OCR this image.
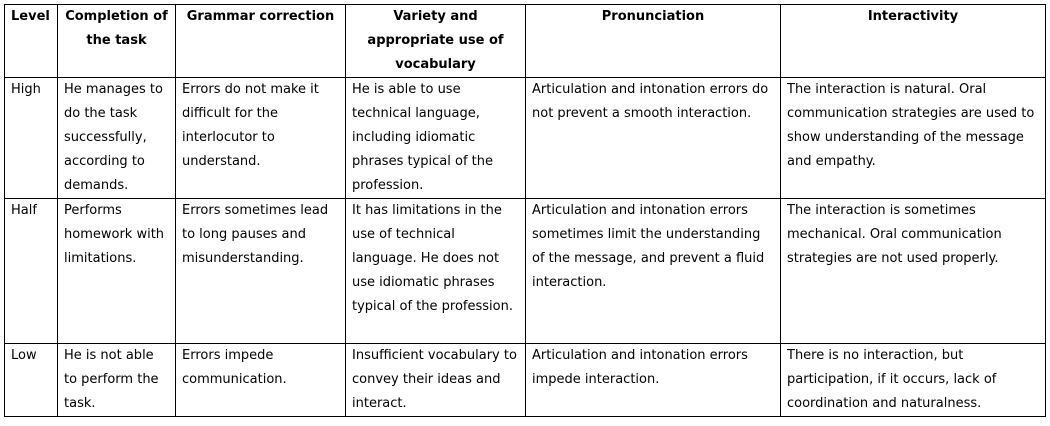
Level	Completion of the task	Grammar correction	Variety and appropriate use of vocabulary	Pronunciation	Interactivity
High	He manages to do the task successfully, according to demands.	Errors do not make it difficult for the interlocutor to understand.	He is able to use technical language, including idiomatic phrases typical of the profession.	Articulation and intonation errors do not prevent a smooth interaction.	The interaction is natural. Oral communication strategies are used to show understanding of the message and empathy.
Half	Performs homework with limitations.	Errors sometimes lead to long pauses and misunderstanding.	It has limitations in the use of technical language. He does not use idiomatic phrases typical of the profession.	Articulation and intonation errors sometimes limit the understanding of the message, and prevent a fluid interaction.	The interaction is sometimes mechanical. Oral communication strategies are not used properly.
Low	He is not able to perform the task.	Errors impede communication.	Insufficient vocabulary to convey their ideas and interact.	Articulation and intonation errors impede interaction.	There is no interaction, but participation, if it occurs, lack of coordination and naturalness.
